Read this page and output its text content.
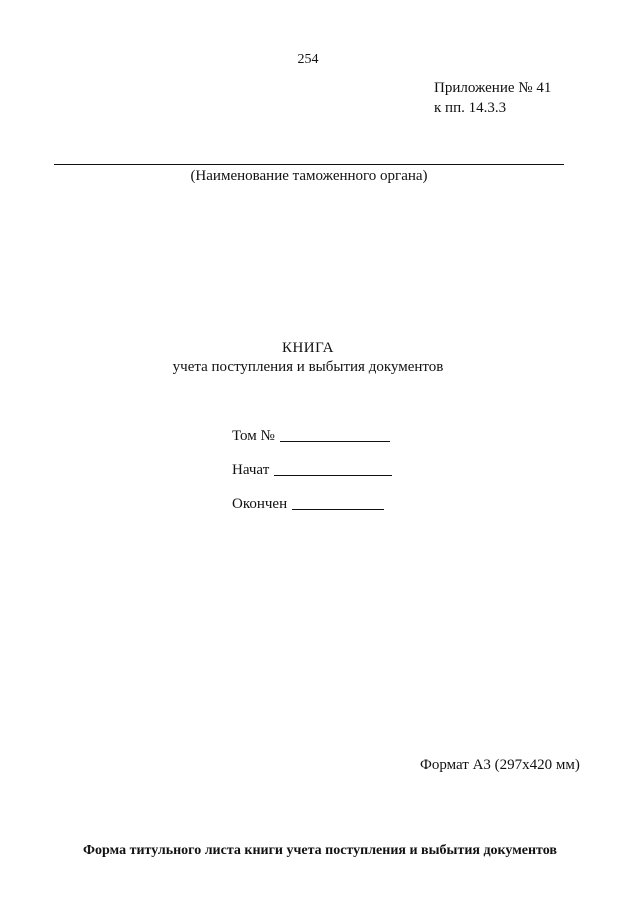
254
Приложение № 41
к пп. 14.3.3
(Наименование таможенного органа)
КНИГА
учета поступления и выбытия документов
Том №
Начат
Окончен
Формат А3 (297x420 мм)
Форма титульного листа книги учета поступления и выбытия документов
